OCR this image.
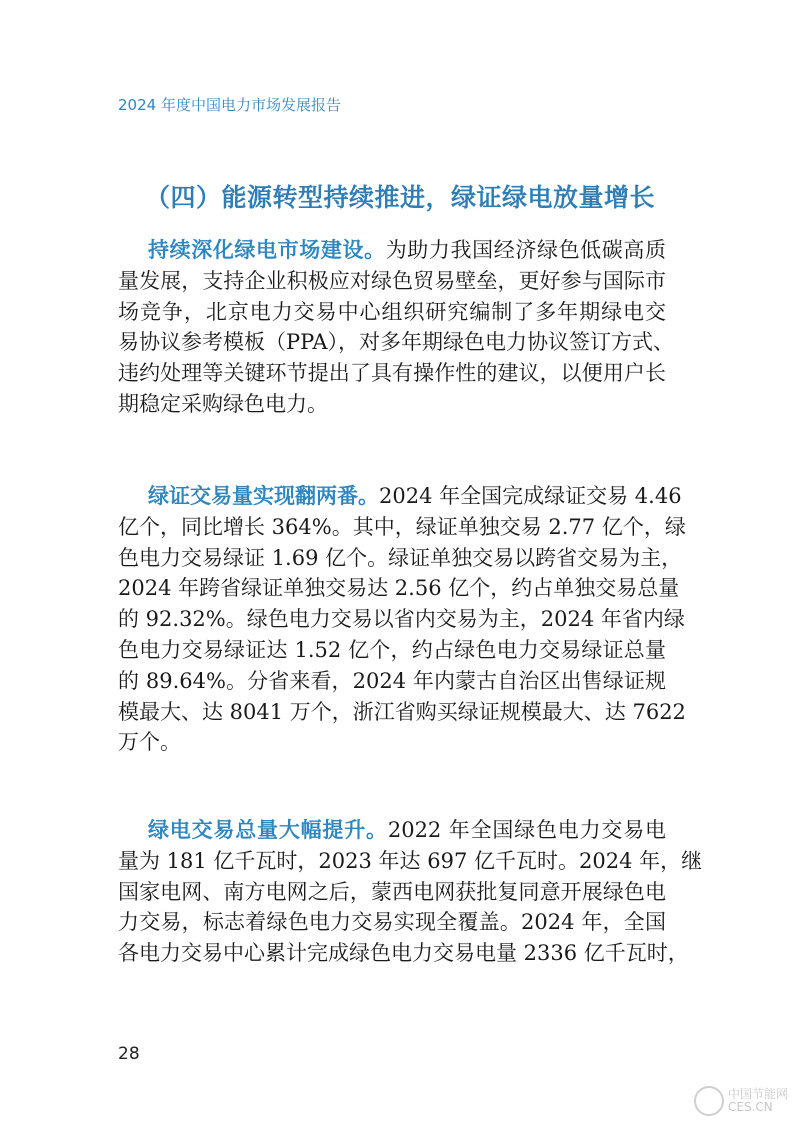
2024 年度中国电力市场发展报告
（四）能源转型持续推进，绿证绿电放量增长
持续深化绿电市场建设。为助力我国经济绿色低碳高质
量发展，支持企业积极应对绿色贸易壁垒，更好参与国际市
场竞争，北京电力交易中心组织研究编制了多年期绿电交
易协议参考模板（PPA），对多年期绿色电力协议签订方式、
违约处理等关键环节提出了具有操作性的建议，以便用户长
期稳定采购绿色电力。
绿证交易量实现翻两番。2024 年全国完成绿证交易 4.46
亿个，同比增长 364%。其中，绿证单独交易 2.77 亿个，绿
色电力交易绿证 1.69 亿个。绿证单独交易以跨省交易为主，
2024 年跨省绿证单独交易达 2.56 亿个，约占单独交易总量
的 92.32%。绿色电力交易以省内交易为主，2024 年省内绿
色电力交易绿证达 1.52 亿个，约占绿色电力交易绿证总量
的 89.64%。分省来看，2024 年内蒙古自治区出售绿证规
模最大、达 8041 万个，浙江省购买绿证规模最大、达 7622
万个。
绿电交易总量大幅提升。2022 年全国绿色电力交易电
量为 181 亿千瓦时，2023 年达 697 亿千瓦时。2024 年，继
国家电网、南方电网之后，蒙西电网获批复同意开展绿色电
力交易，标志着绿色电力交易实现全覆盖。2024 年，全国
各电力交易中心累计完成绿色电力交易电量 2336 亿千瓦时，
28
中国节能网
CES.CN
